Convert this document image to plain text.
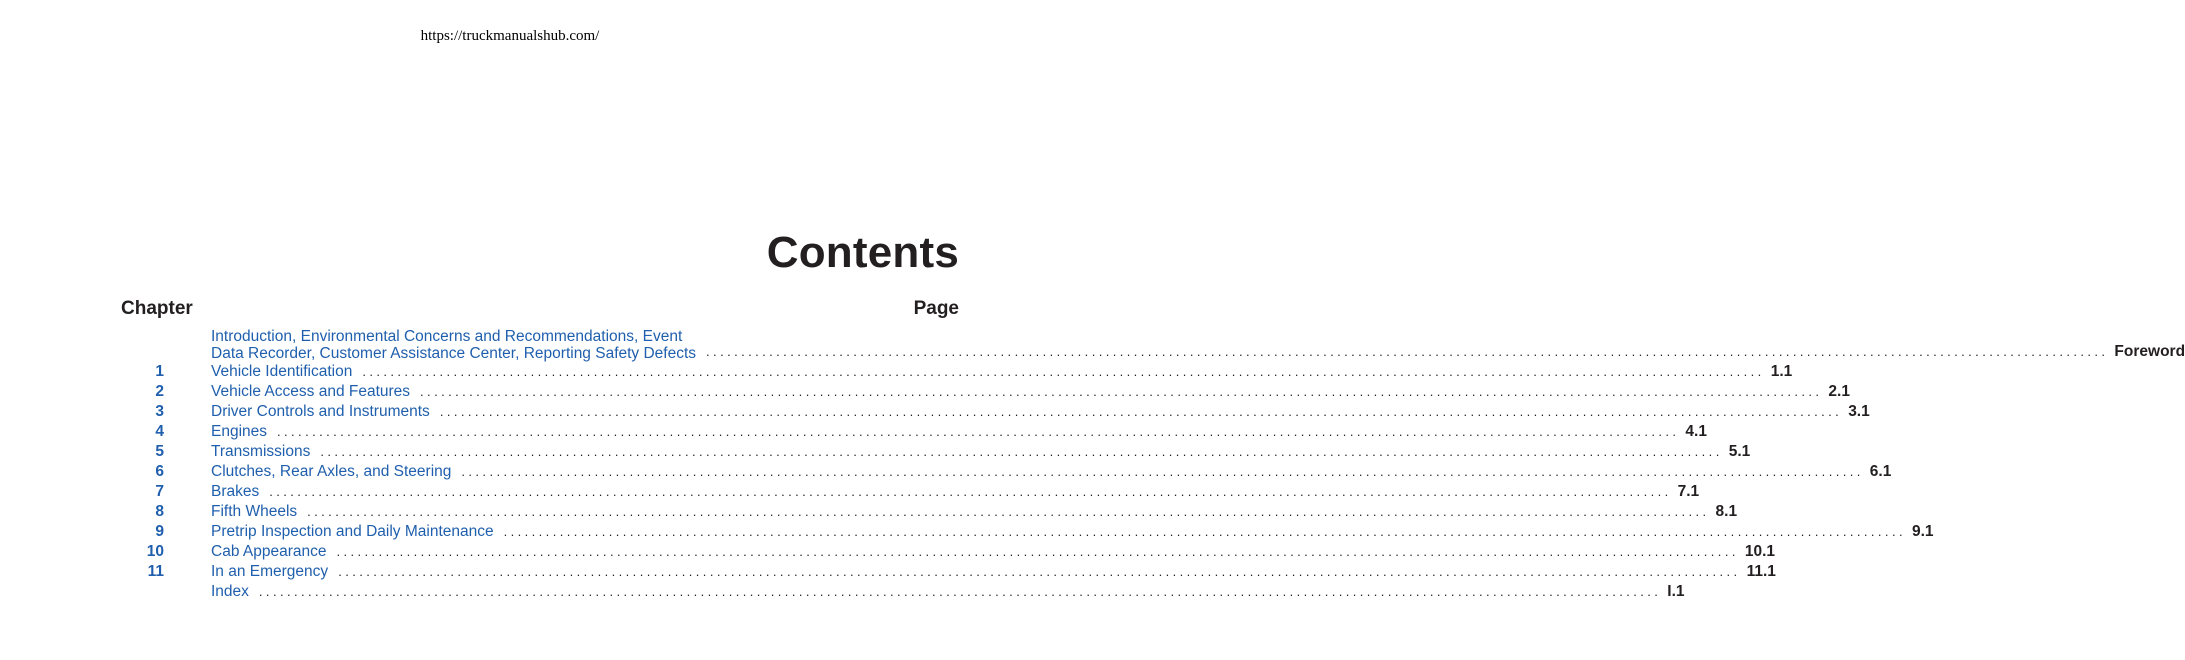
https://truckmanualshub.com/
Contents
Chapter	Page
Introduction, Environmental Concerns and Recommendations, Event
Data Recorder, Customer Assistance Center, Reporting Safety Defects ........................................................................................................................................................................................................ Foreword
1	Vehicle Identification ........................................................................................................................................................................................................ 1.1
2	Vehicle Access and Features ........................................................................................................................................................................................................ 2.1
3	Driver Controls and Instruments ........................................................................................................................................................................................................ 3.1
4	Engines ........................................................................................................................................................................................................ 4.1
5	Transmissions ........................................................................................................................................................................................................ 5.1
6	Clutches, Rear Axles, and Steering ........................................................................................................................................................................................................ 6.1
7	Brakes ........................................................................................................................................................................................................ 7.1
8	Fifth Wheels ........................................................................................................................................................................................................ 8.1
9	Pretrip Inspection and Daily Maintenance ........................................................................................................................................................................................................ 9.1
10	Cab Appearance ........................................................................................................................................................................................................ 10.1
11	In an Emergency ........................................................................................................................................................................................................ 11.1
Index ........................................................................................................................................................................................................ I.1
